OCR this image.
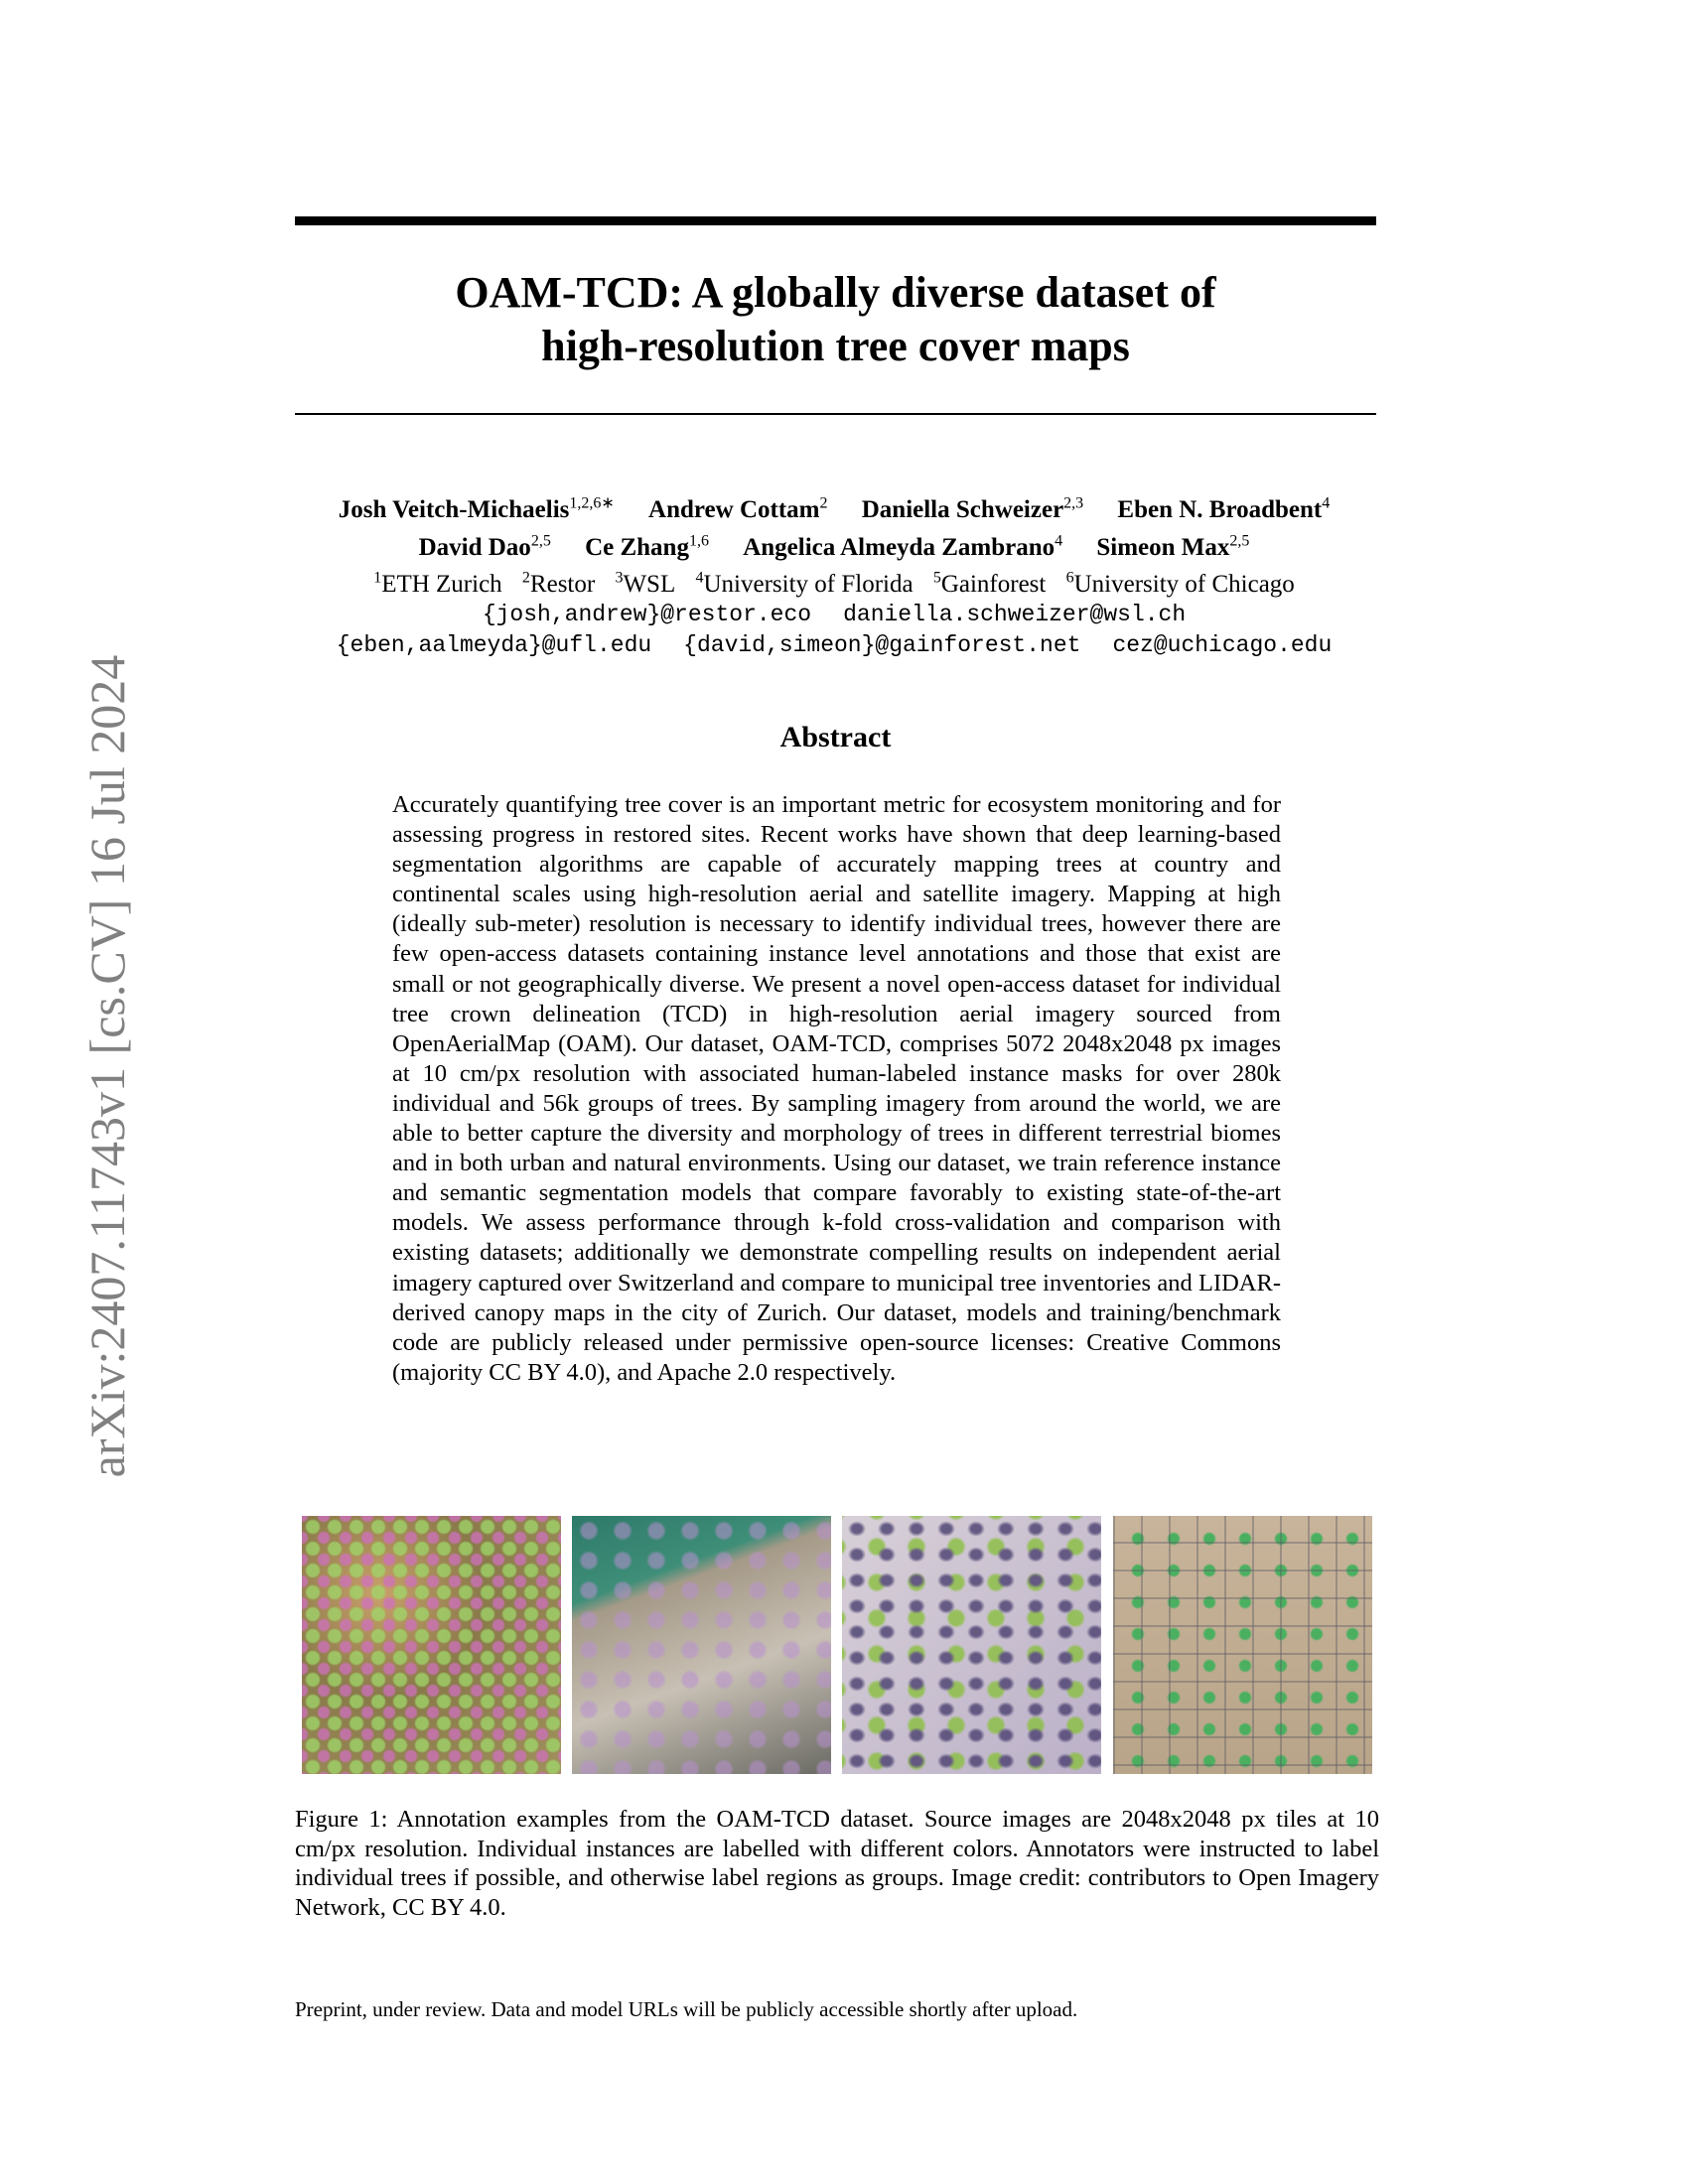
arXiv:2407.11743v1 [cs.CV] 16 Jul 2024
OAM-TCD: A globally diverse dataset of
high-resolution tree cover maps
Josh Veitch-Michaelis$^{1,2,6∗}$ Andrew Cottam$^2$ Daniella Schweizer$^{2,3}$ Eben N. Broadbent$^4$
David Dao$^{2,5}$ Ce Zhang$^{1,6}$ Angelica Almeyda Zambrano$^4$ Simeon Max$^{2,5}$
$^1$ETH Zurich $^2$Restor $^3$WSL $^4$University of Florida $^5$Gainforest $^6$University of Chicago
{josh,andrew}@restor.eco daniella.schweizer@wsl.ch
{eben,aalmeyda}@ufl.edu {david,simeon}@gainforest.net cez@uchicago.edu
Abstract
Accurately quantifying tree cover is an important metric for ecosystem monitoring and for assessing progress in restored sites. Recent works have shown that deep learning-based segmentation algorithms are capable of accurately mapping trees at country and continental scales using high-resolution aerial and satellite imagery. Mapping at high (ideally sub-meter) resolution is necessary to identify individual trees, however there are few open-access datasets containing instance level annotations and those that exist are small or not geographically diverse. We present a novel open-access dataset for individual tree crown delineation (TCD) in high-resolution aerial imagery sourced from OpenAerialMap (OAM). Our dataset, OAM-TCD, comprises 5072 2048x2048 px images at 10 cm/px resolution with associated human-labeled instance masks for over 280k individual and 56k groups of trees. By sampling imagery from around the world, we are able to better capture the diversity and morphology of trees in different terrestrial biomes and in both urban and natural environments. Using our dataset, we train reference instance and semantic segmentation models that compare favorably to existing state-of-the-art models. We assess performance through k-fold cross-validation and comparison with existing datasets; additionally we demonstrate compelling results on independent aerial imagery captured over Switzerland and compare to municipal tree inventories and LIDAR-derived canopy maps in the city of Zurich. Our dataset, models and training/benchmark code are publicly released under permissive open-source licenses: Creative Commons (majority CC BY 4.0), and Apache 2.0 respectively.
Figure 1: Annotation examples from the OAM-TCD dataset. Source images are 2048x2048 px tiles at 10 cm/px resolution. Individual instances are labelled with different colors. Annotators were instructed to label individual trees if possible, and otherwise label regions as groups. Image credit: contributors to Open Imagery Network, CC BY 4.0.
Preprint, under review. Data and model URLs will be publicly accessible shortly after upload.
